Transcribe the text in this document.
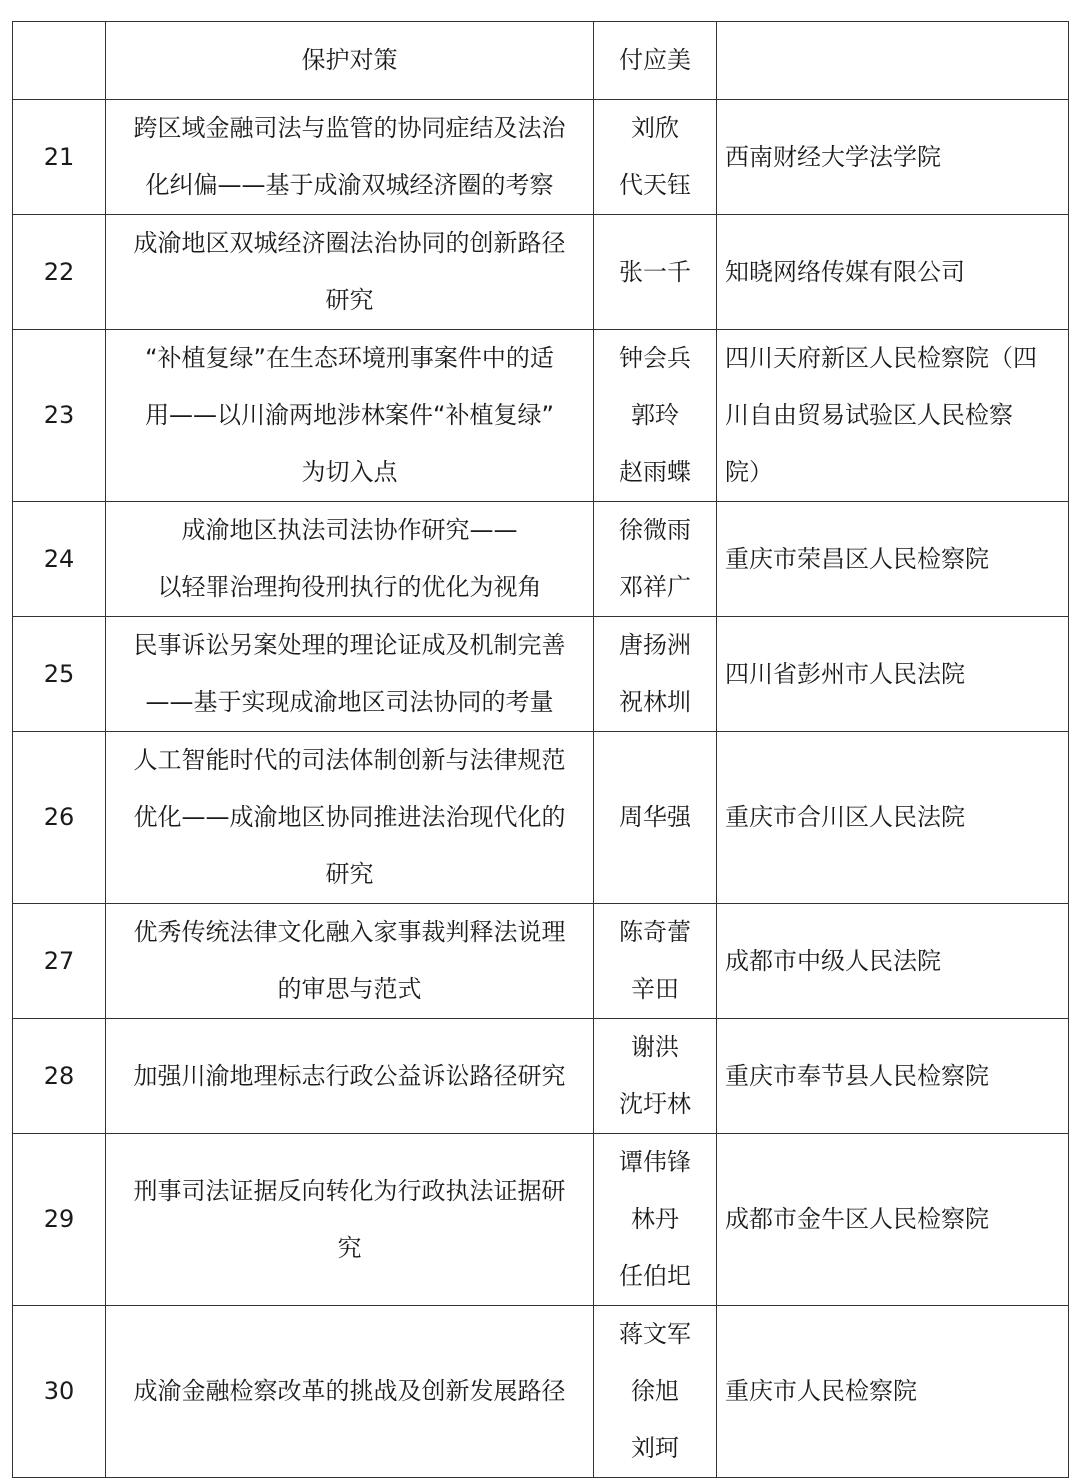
	保护对策	付应美	

21	跨区域金融司法与监管的协同症结及法治
化纠偏——基于成渝双城经济圈的考察	刘欣
代天钰	西南财经大学法学院

22	成渝地区双城经济圈法治协同的创新路径
研究	张一千	知晓网络传媒有限公司

23	“补植复绿”在生态环境刑事案件中的适
用——以川渝两地涉林案件“补植复绿”
为切入点	钟会兵
郭玲
赵雨蝶	四川天府新区人民检察院（四
川自由贸易试验区人民检察
院）

24	成渝地区执法司法协作研究——
以轻罪治理拘役刑执行的优化为视角	徐微雨
邓祥广	重庆市荣昌区人民检察院

25	民事诉讼另案处理的理论证成及机制完善
——基于实现成渝地区司法协同的考量	唐扬洲
祝林圳	四川省彭州市人民法院

26	人工智能时代的司法体制创新与法律规范
优化——成渝地区协同推进法治现代化的
研究	周华强	重庆市合川区人民法院

27	优秀传统法律文化融入家事裁判释法说理
的审思与范式	陈奇蕾
辛田	成都市中级人民法院

28	加强川渝地理标志行政公益诉讼路径研究	谢洪
沈圩林	重庆市奉节县人民检察院

29	刑事司法证据反向转化为行政执法证据研
究	谭伟锋
林丹
任伯圯	成都市金牛区人民检察院

30	成渝金融检察改革的挑战及创新发展路径	蒋文军
徐旭
刘珂	重庆市人民检察院
